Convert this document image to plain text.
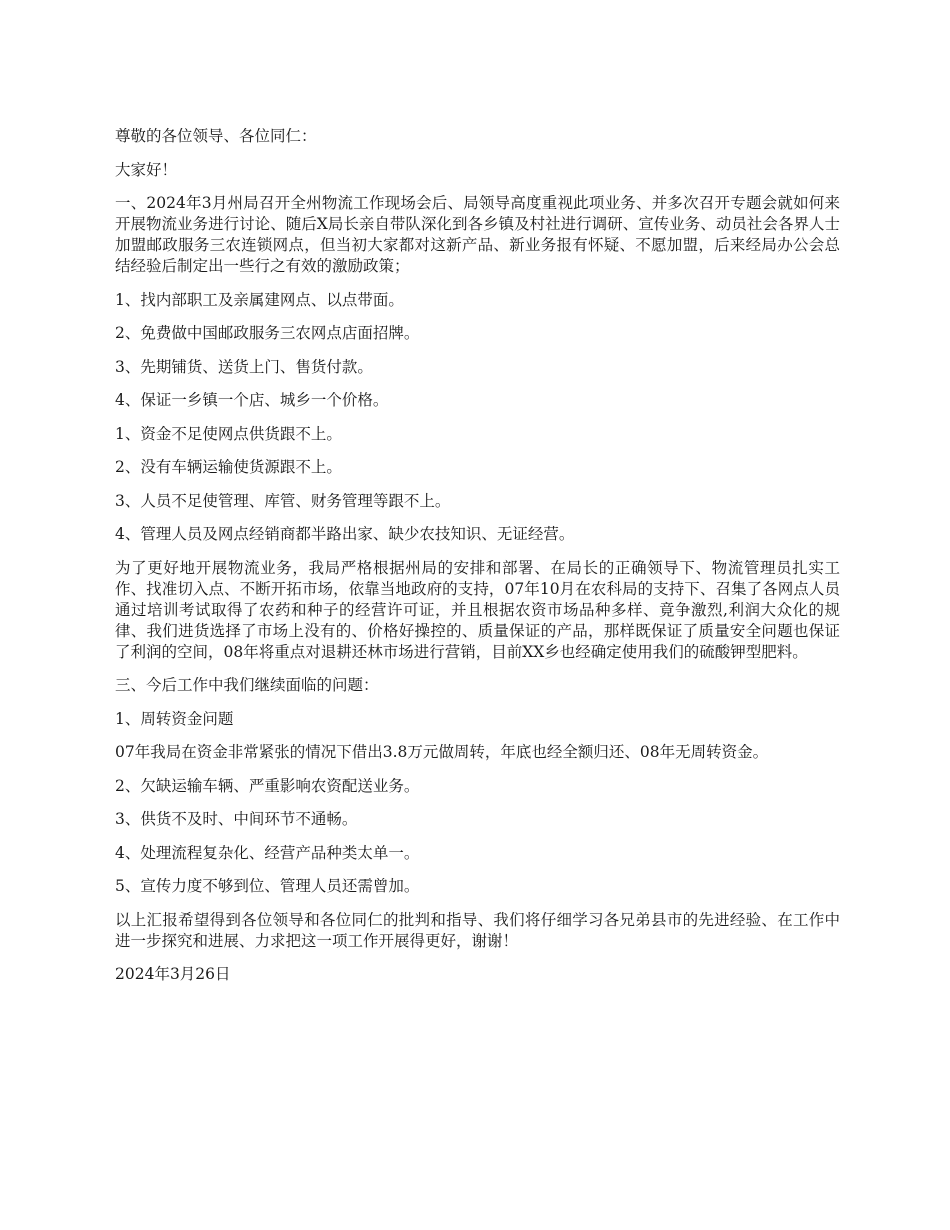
尊敬的各位领导、各位同仁：

大家好！

一、2024年3月州局召开全州物流工作现场会后、局领导高度重视此项业务、并多次召开专题会就如何来开展物流业务进行讨论、随后X局长亲自带队深化到各乡镇及村社进行调研、宣传业务、动员社会各界人士加盟邮政服务三农连锁网点，但当初大家都对这新产品、新业务报有怀疑、不愿加盟，后来经局办公会总结经验后制定出一些行之有效的激励政策；

1、找内部职工及亲属建网点、以点带面。

2、免费做中国邮政服务三农网点店面招牌。

3、先期铺货、送货上门、售货付款。

4、保证一乡镇一个店、城乡一个价格。

1、资金不足使网点供货跟不上。

2、没有车辆运输使货源跟不上。

3、人员不足使管理、库管、财务管理等跟不上。

4、管理人员及网点经销商都半路出家、缺少农技知识、无证经营。

为了更好地开展物流业务，我局严格根据州局的安排和部署、在局长的正确领导下、物流管理员扎实工作、找准切入点、不断开拓市场，依靠当地政府的支持，07年10月在农科局的支持下、召集了各网点人员通过培训考试取得了农药和种子的经营许可证，并且根据农资市场品种多样、竟争激烈,利润大众化的规律、我们进货选择了市场上没有的、价格好操控的、质量保证的产品，那样既保证了质量安全问题也保证了利润的空间，08年将重点对退耕还林市场进行营销，目前XX乡也经确定使用我们的硫酸钾型肥料。

三、今后工作中我们继续面临的问题：

1、周转资金问题

07年我局在资金非常紧张的情况下借出3.8万元做周转，年底也经全额归还、08年无周转资金。

2、欠缺运输车辆、严重影响农资配送业务。

3、供货不及时、中间环节不通畅。

4、处理流程复杂化、经营产品种类太单一。

5、宣传力度不够到位、管理人员还需曾加。

以上汇报希望得到各位领导和各位同仁的批判和指导、我们将仔细学习各兄弟县市的先进经验、在工作中进一步探究和进展、力求把这一项工作开展得更好，谢谢！

2024年3月26日
